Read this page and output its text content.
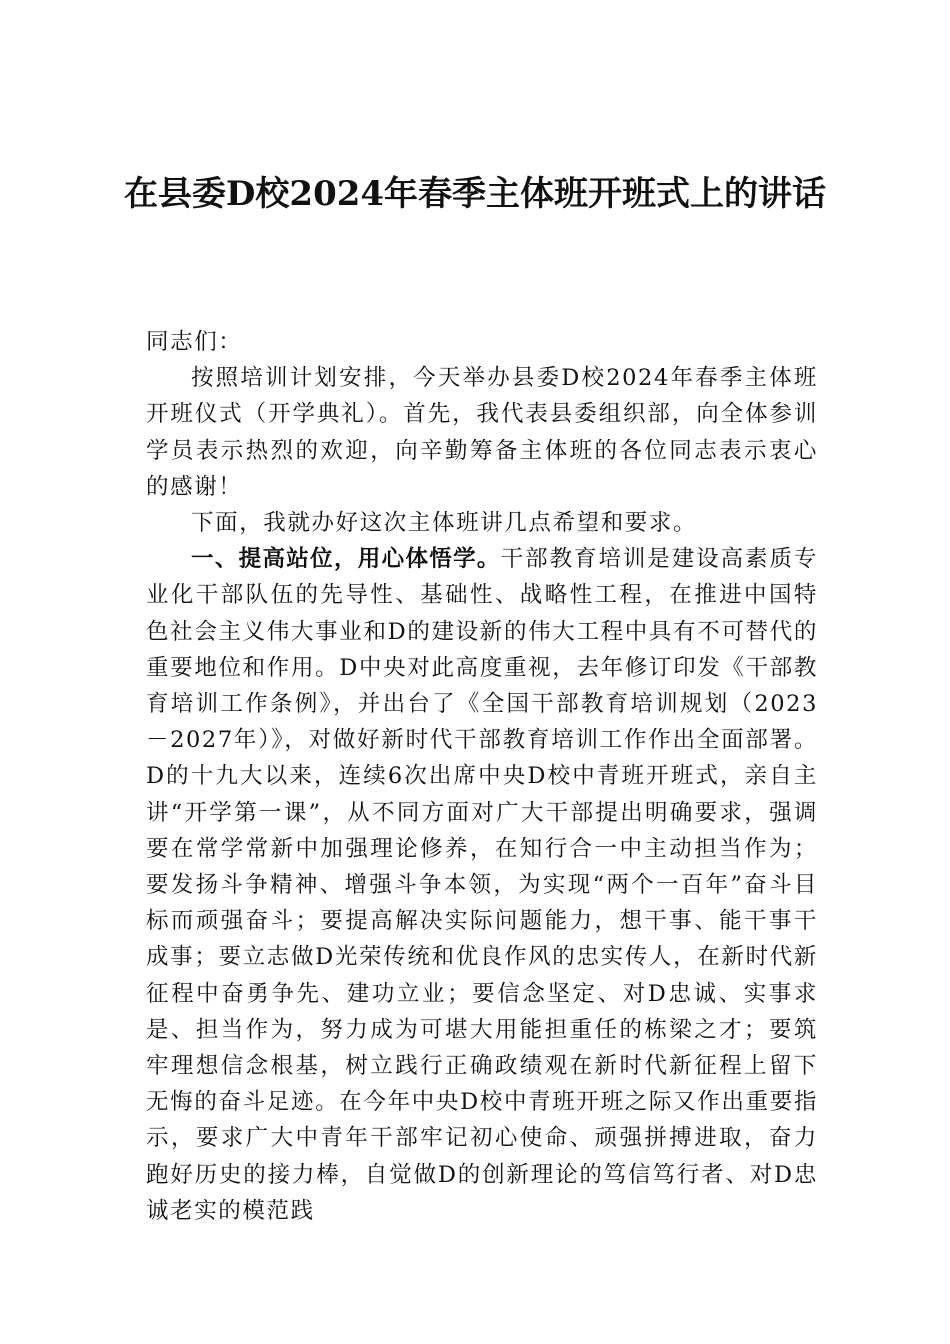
在县委D校2024年春季主体班开班式上的讲话

同志们：

按照培训计划安排，今天举办县委D校2024年春季主体班开班仪式（开学典礼）。首先，我代表县委组织部，向全体参训学员表示热烈的欢迎，向辛勤筹备主体班的各位同志表示衷心的感谢！

下面，我就办好这次主体班讲几点希望和要求。

一、提高站位，用心体悟学。干部教育培训是建设高素质专业化干部队伍的先导性、基础性、战略性工程，在推进中国特色社会主义伟大事业和D的建设新的伟大工程中具有不可替代的重要地位和作用。D中央对此高度重视，去年修订印发《干部教育培训工作条例》，并出台了《全国干部教育培训规划（2023－2027年）》，对做好新时代干部教育培训工作作出全面部署。D的十九大以来，连续6次出席中央D校中青班开班式，亲自主讲“开学第一课”，从不同方面对广大干部提出明确要求，强调要在常学常新中加强理论修养，在知行合一中主动担当作为；要发扬斗争精神、增强斗争本领，为实现“两个一百年”奋斗目标而顽强奋斗；要提高解决实际问题能力，想干事、能干事干成事；要立志做D光荣传统和优良作风的忠实传人，在新时代新征程中奋勇争先、建功立业；要信念坚定、对D忠诚、实事求是、担当作为，努力成为可堪大用能担重任的栋梁之才；要筑牢理想信念根基，树立践行正确政绩观在新时代新征程上留下无悔的奋斗足迹。在今年中央D校中青班开班之际又作出重要指示，要求广大中青年干部牢记初心使命、顽强拼搏进取，奋力跑好历史的接力棒，自觉做D的创新理论的笃信笃行者、对D忠诚老实的模范践
